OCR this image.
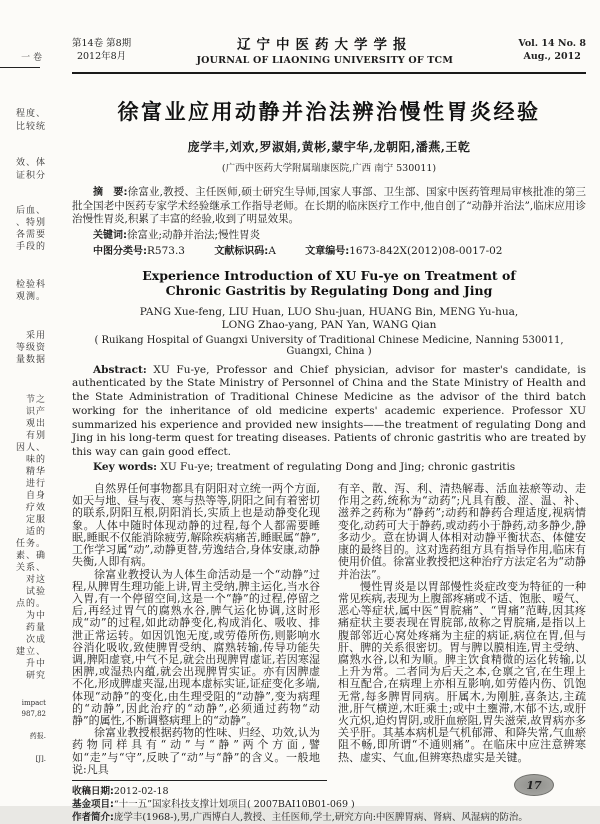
一 卷
程度、
比较统
效、体
证积分
后血、
、特别
各需要
手段的
检验科
观测。
采用
等级资
量数据
节之
识产
观出
有别
因人、
味的
精华
进行
自身
疗效
定服
适的
任务。
素、确
关系、
对这
试验
点的。
为中
药量
次成
建立、
升中
研究
impact
987,82
药报.
[J].
第14卷 第8期
2012年8月
辽宁中医药大学学报
JOURNAL OF LIAONING UNIVERSITY OF TCM
Vol. 14 No. 8
Aug., 2012
徐富业应用动静并治法辨治慢性胃炎经验
庞学丰,刘欢,罗淑娟,黄彬,蒙宇华,龙朝阳,潘燕,王乾
(广西中医药大学附属瑞康医院,广西 南宁 530011)

摘　要:徐富业,教授、主任医师,硕士研究生导师,国家人事部、卫生部、国家中医药管理局审核批准的第三批全国老中医药专家学术经验继承工作指导老师。在长期的临床医疗工作中,他自创了“动静并治法”,临床应用诊治慢性胃炎,积累了丰富的经验,收到了明显效果。

关键词:徐富业;动静并治法;慢性胃炎
中图分类号:R573.3	文献标识码:A	文章编号:1673-842X(2012)08-0017-02
Experience Introduction of XU Fu-ye on Treatment of
Chronic Gastritis by Regulating Dong and Jing
PANG Xue-feng, LIU Huan, LUO Shu-juan, HUANG Bin, MENG Yu-hua,
LONG Zhao-yang, PAN Yan, WANG Qian
( Ruikang Hospital of Guangxi University of Traditional Chinese Medicine, Nanning 530011, Guangxi, China )

Abstract: XU Fu-ye, Professor and Chief physician, advisor for master's candidate, is authenticated by the State Ministry of Personnel of China and the State Ministry of Health and the State Administration of Traditional Chinese Medicine as the advisor of the third batch working for the inheritance of old medicine experts' academic experience. Professor XU summarized his experience and provided new insights——the treatment of regulating Dong and Jing in his long-term quest for treating diseases. Patients of chronic gastritis who are treated by this way can gain good effect.

Key words: XU Fu-ye; treatment of regulating Dong and Jing; chronic gastritis

自然界任何事物都具有阴阳对立统一两个方面,如天与地、昼与夜、寒与热等等,阴阳之间有着密切的联系,阴阳互根,阴阳消长,实质上也是动静变化现象。人体中随时体现动静的过程,每个人都需要睡眠,睡眠不仅能消除疲劳,解除疾病痛苦,睡眠属“静”,工作学习属“动”,动静更替,劳逸结合,身体安康,动静失衡,人即有病。

徐富业教授认为人体生命活动是一个“动静”过程,从脾胃生理功能上讲,胃主受纳,脾主运化,当水谷入胃,有一个停留空间,这是一个“静”的过程,停留之后,再经过胃气的腐熟水谷,脾气运化协调,这时形成“动”的过程,如此动静变化,构成消化、吸收、排泄正常运转。如因饥饱无度,或劳倦所伤,则影响水谷消化吸收,致使脾胃受纳、腐熟转输,传导功能失调,脾阳虚衰,中气不足,就会出现脾胃虚证,若因寒湿困脾,或湿热内蕴,就会出现脾胃实证。亦有因脾虚不化,形成脾虚夹湿,出现本虚标实证,证症变化多端,体现“动静”的变化,由生理受阻的“动静”,变为病理的“动静”,因此治疗的“动静”,必须通过药物“动静”的属性,不断调整病理上的“动静”。

徐富业教授根据药物的性味、归经、功效,认为药物同样具有“动”与“静”两个方面,譬如“走”与“守”,反映了“动”与“静”的含义。一般地说:凡具

有辛、散、泻、利、清热解毒、活血祛瘀等动、走作用之药,统称为“动药”;凡具有酸、涩、温、补、滋养之药称为“静药”;动药和静药合理适度,视病情变化,动药可大于静药,或动药小于静药,动多静少,静多动少。意在协调人体相对动静平衡状态、体健安康的最终目的。这对选药组方具有指导作用,临床有使用价值。徐富业教授把这种治疗方法定名为“动静并治法”。

慢性胃炎是以胃部慢性炎症改变为特征的一种常见疾病,表现为上腹部疼痛或不适、饱胀、嗳气、恶心等症状,属中医“胃脘痛”、“胃痛”范畴,因其疼痛症状主要表现在胃脘部,故称之胃脘痛,是指以上腹部邻近心窝处疼痛为主症的病证,病位在胃,但与肝、脾的关系很密切。胃与脾以膜相连,胃主受纳、腐熟水谷,以和为顺。脾主饮食精微的运化转输,以上升为常。二者同为后天之本,仓禀之官,在生理上相互配合,在病理上亦相互影响,如劳倦内伤、饥饱无常,每多脾胃同病。肝属木,为刚脏,喜条达,主疏泄,肝气横逆,木旺乘土;或中土壅滞,木郁不达,或肝火亢炽,迫灼胃阴,或肝血瘀阻,胃失滋荣,故胃病亦多关乎肝。其基本病机是气机郁滞、和降失常,气血瘀阻不畅,即所谓“不通则痛”。在临床中应注意辨寒热、虚实、气血,但辨寒热虚实是关键。

收稿日期:2012-02-18
基金项目:“十一五”国家科技支撑计划项目( 2007BAI10B01-069 )
作者简介:庞学丰(1968-),男,广西博白人,教授、主任医师,学士,研究方向:中医脾胃病、肾病、风湿病的防治。
17
